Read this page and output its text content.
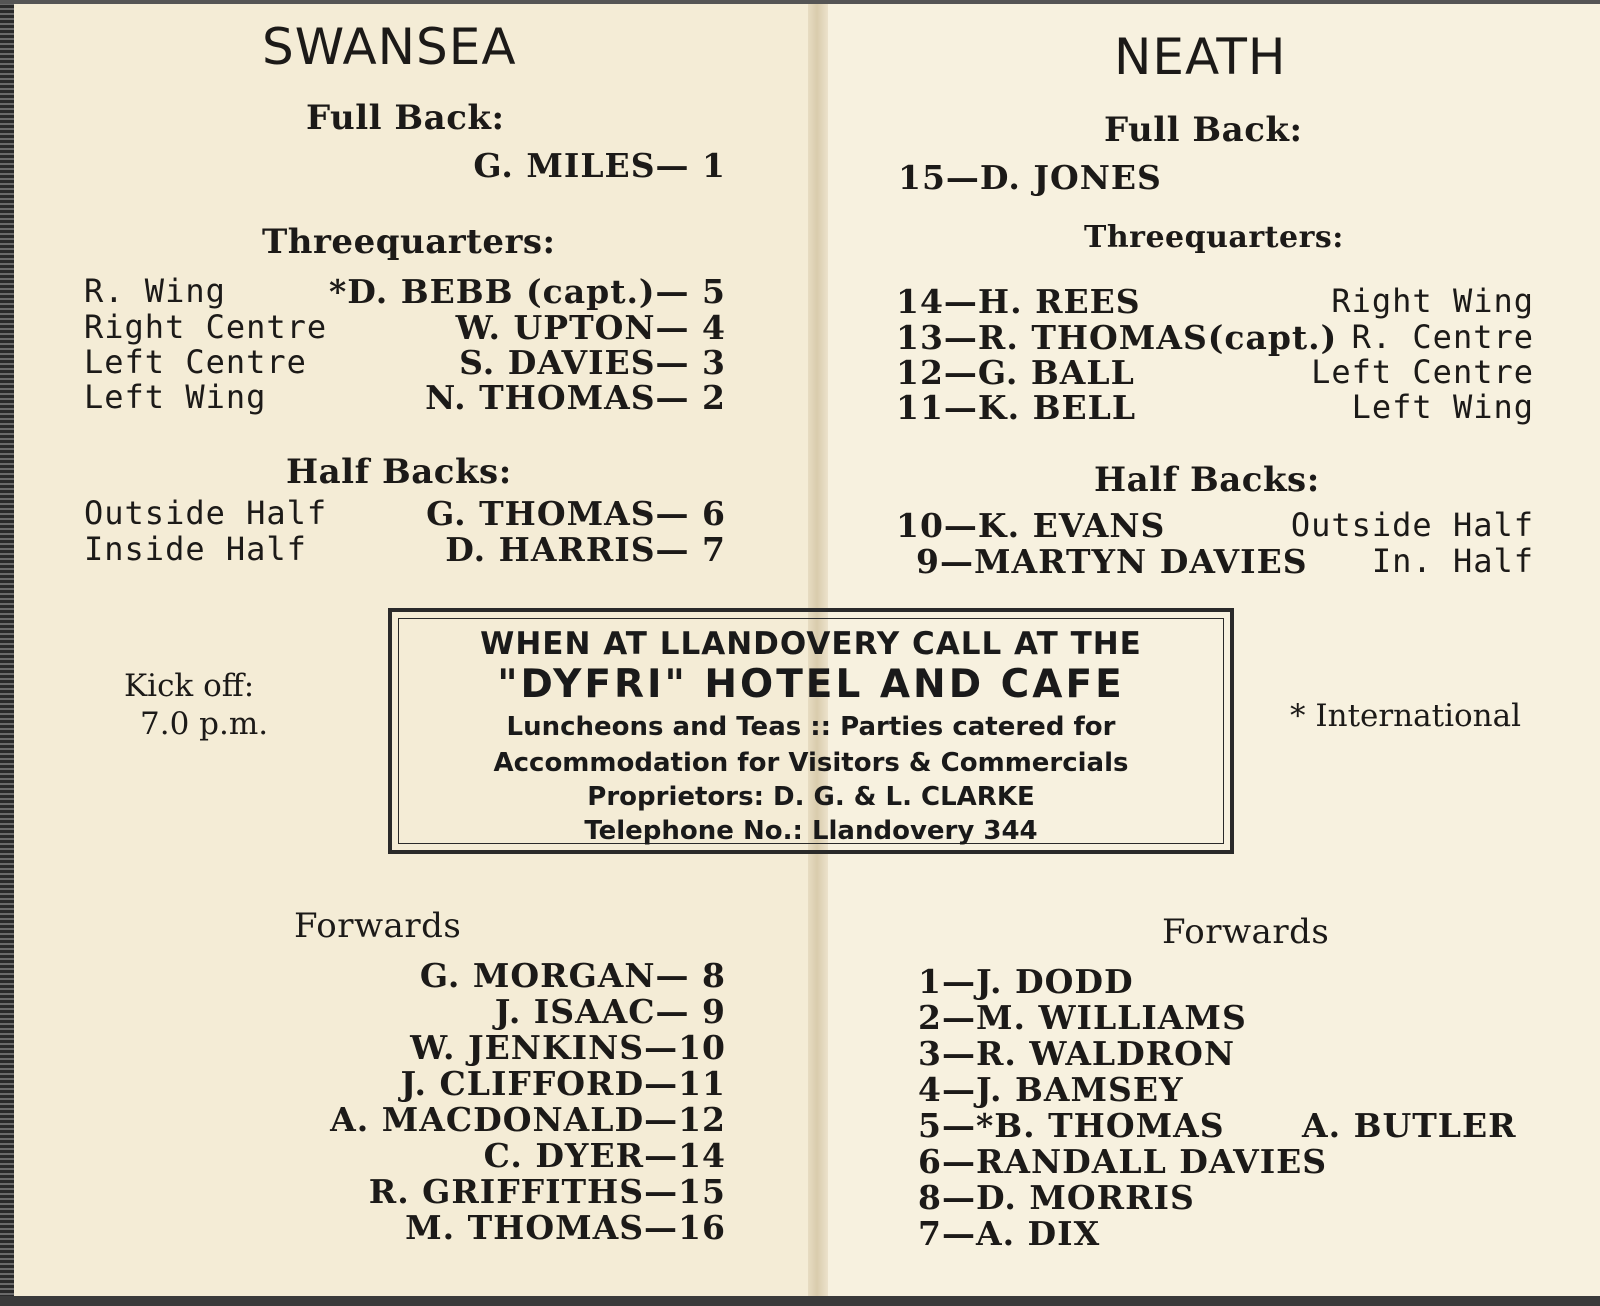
SWANSEA
Full Back:
G. MILES— 1
Threequarters:
R. Wing	*D. BEBB (capt.)— 5
Right Centre	W. UPTON— 4
Left Centre	S. DAVIES— 3
Left Wing	N. THOMAS— 2
Half Backs:
Outside Half	G. THOMAS— 6
Inside Half	D. HARRIS— 7
Kick off:
7.0 p.m.
Forwards
G. MORGAN— 8
J. ISAAC— 9
W. JENKINS—10
J. CLIFFORD—11
A. MACDONALD—12
C. DYER—14
R. GRIFFITHS—15
M. THOMAS—16
NEATH
Full Back:
15—D. JONES
Threequarters:
14—H. REES	Right Wing
13—R. THOMAS(capt.) R. Centre
12—G. BALL	Left Centre
11—K. BELL	Left Wing
Half Backs:
10—K. EVANS	Outside Half
9—MARTYN DAVIES In. Half
* International
Forwards
1—J. DODD
2—M. WILLIAMS
3—R. WALDRON
4—J. BAMSEY
5—*B. THOMAS A. BUTLER
6—RANDALL DAVIES
8—D. MORRIS
7—A. DIX
WHEN AT LLANDOVERY CALL AT THE
"DYFRI" HOTEL AND CAFE
Luncheons and Teas :: Parties catered for
Accommodation for Visitors & Commercials
Proprietors: D. G. & L. CLARKE
Telephone No.: Llandovery 344
